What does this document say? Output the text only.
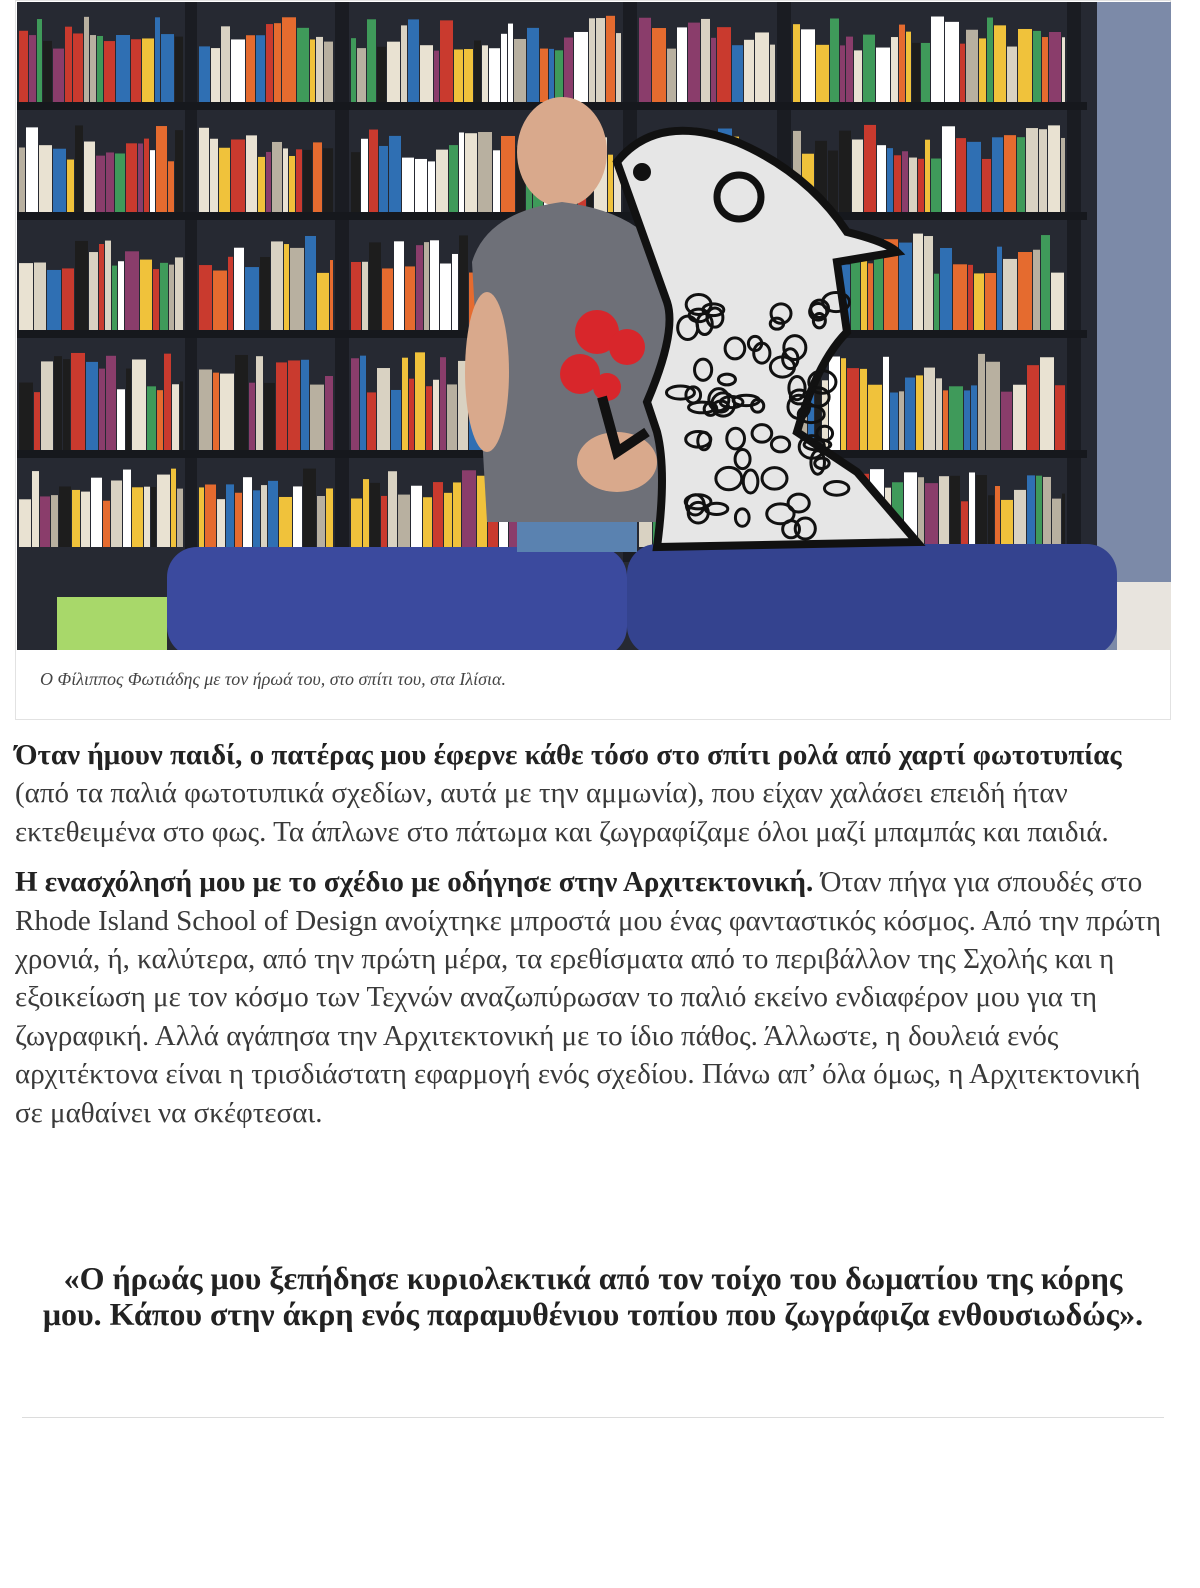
Ο Φίλιππος Φωτιάδης με τον ήρωά του, στο σπίτι του, στα Ιλίσια.

Όταν ήμουν παιδί, ο πατέρας μου έφερνε κάθε τόσο στο σπίτι ρολά από χαρτί φωτοτυπίας (από τα παλιά φωτοτυπικά σχεδίων, αυτά με την αμμωνία), που είχαν χαλάσει επειδή ήταν εκτεθειμένα στο φως. Τα άπλωνε στο πάτωμα και ζωγραφίζαμε όλοι μαζί μπαμπάς και παιδιά.

Η ενασχόλησή μου με το σχέδιο με οδήγησε στην Αρχιτεκτονική. Όταν πήγα για σπουδές στο Rhode Island School of Design ανοίχτηκε μπροστά μου ένας φανταστικός κόσμος. Από την πρώτη χρονιά, ή, καλύτερα, από την πρώτη μέρα, τα ερεθίσματα από το περιβάλλον της Σχολής και η εξοικείωση με τον κόσμο των Τεχνών αναζωπύρωσαν το παλιό εκείνο ενδιαφέρον μου για τη ζωγραφική. Αλλά αγάπησα την Αρχιτεκτονική με το ίδιο πάθος. Άλλωστε, η δουλειά ενός αρχιτέκτονα είναι η τρισδιάστατη εφαρμογή ενός σχεδίου. Πάνω απ’ όλα όμως, η Αρχιτεκτονική σε μαθαίνει να σκέφτεσαι.

«Ο ήρωάς μου ξεπήδησε κυριολεκτικά από τον τοίχο του δωματίου της κόρης μου. Κάπου στην άκρη ενός παραμυθένιου τοπίου που ζωγράφιζα ενθουσιωδώς».
